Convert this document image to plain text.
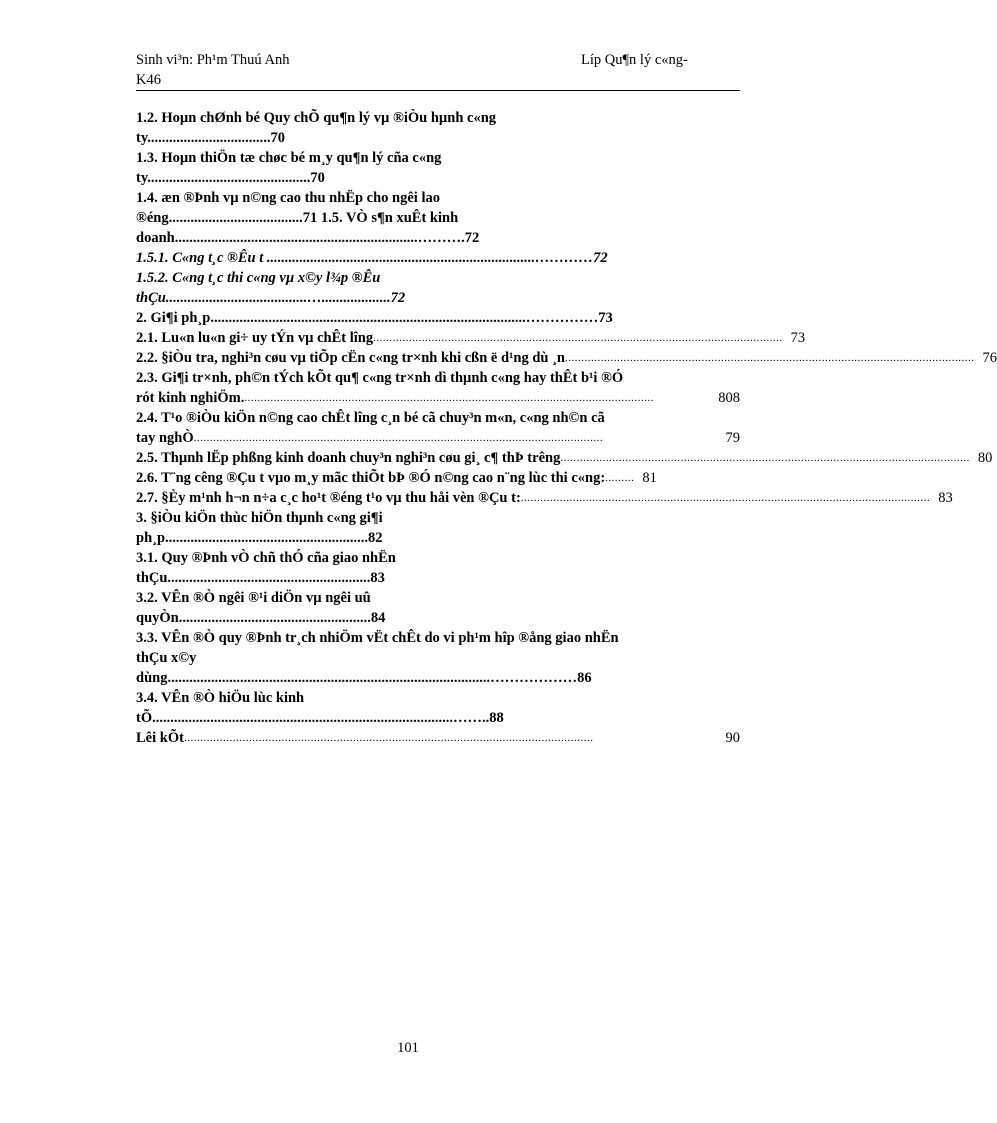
Sinh vi³n: Ph¹m Thuú Anh	Líp Qu¶n lý c«ng-
K46
1.2. Hoµn chØnh bé Quy chÕ qu¶n lý vµ ®iÒu hµnh c«ng
ty..................................70
1.3. Hoµn thiÖn tæ chøc bé m¸y qu¶n lý cña c«ng
ty.............................................70
1.4. æn ®Þnh vµ n©ng cao thu nhËp cho ngêi lao
®éng.....................................71 1.5. VÒ s¶n xuÊt kinh
doanh...................................................................……….72
1.5.1. C«ng t¸c ®Êu t ..........................................................................…………72
1.5.2. C«ng t¸c thi c«ng vµ x©y l¾p ®Êu
thÇu.......................................…...................72
2. Gi¶i ph¸p.......................................................................................……………73
2.1. Lu«n lu«n gi÷ uy tÝn vµ chÊt lîng .............................................................................................................................. 73
2.2. §iÒu tra, nghi³n cøu vµ tiÕp cËn c«ng tr×nh khi cßn ë d¹ng dù ¸n .............................................................................................................................. 76
2.3. Gi¶i tr×nh, ph©n tÝch kÕt qu¶ c«ng tr×nh dì thµnh c«ng hay thÊt b¹i ®Ó
rót kinh nghiÖm. ..............................................................................................................................	808
2.4. T¹o ®iÒu kiÖn n©ng cao chÊt lîng c¸n bé cã chuy³n m«n, c«ng nh©n cã
tay nghÒ ..............................................................................................................................	79
2.5. Thµnh lËp phßng kinh doanh chuy³n nghi³n cøu gi¸ c¶ thÞ trêng .............................................................................................................................. 80
2.6. T¨ng cêng ®Çu t vµo m¸y mãc thiÕt bÞ ®Ó n©ng cao n¨ng lùc thi c«ng: ......... 81
2.7. §Èy m¹nh h¬n n÷a c¸c ho¹t ®éng t¹o vµ thu håi vèn ®Çu t: .............................................................................................................................. 83
3. §iÒu kiÖn thùc hiÖn thµnh c«ng gi¶i
ph¸p........................................................82
3.1. Quy ®Þnh vÒ chñ thÓ cña giao nhËn
thÇu........................................................83
3.2. VÊn ®Ò ngêi ®¹i diÖn vµ ngêi uû
quyÒn.....................................................84
3.3. VÊn ®Ò quy ®Þnh tr¸ch nhiÖm vËt chÊt do vi ph¹m hîp ®ång giao nhËn
thÇu x©y
dùng.........................................................................................………………86
3.4. VÊn ®Ò hiÖu lùc kinh
tÕ...................................................................................……..88
Lêi kÕt ..............................................................................................................................	90
101
